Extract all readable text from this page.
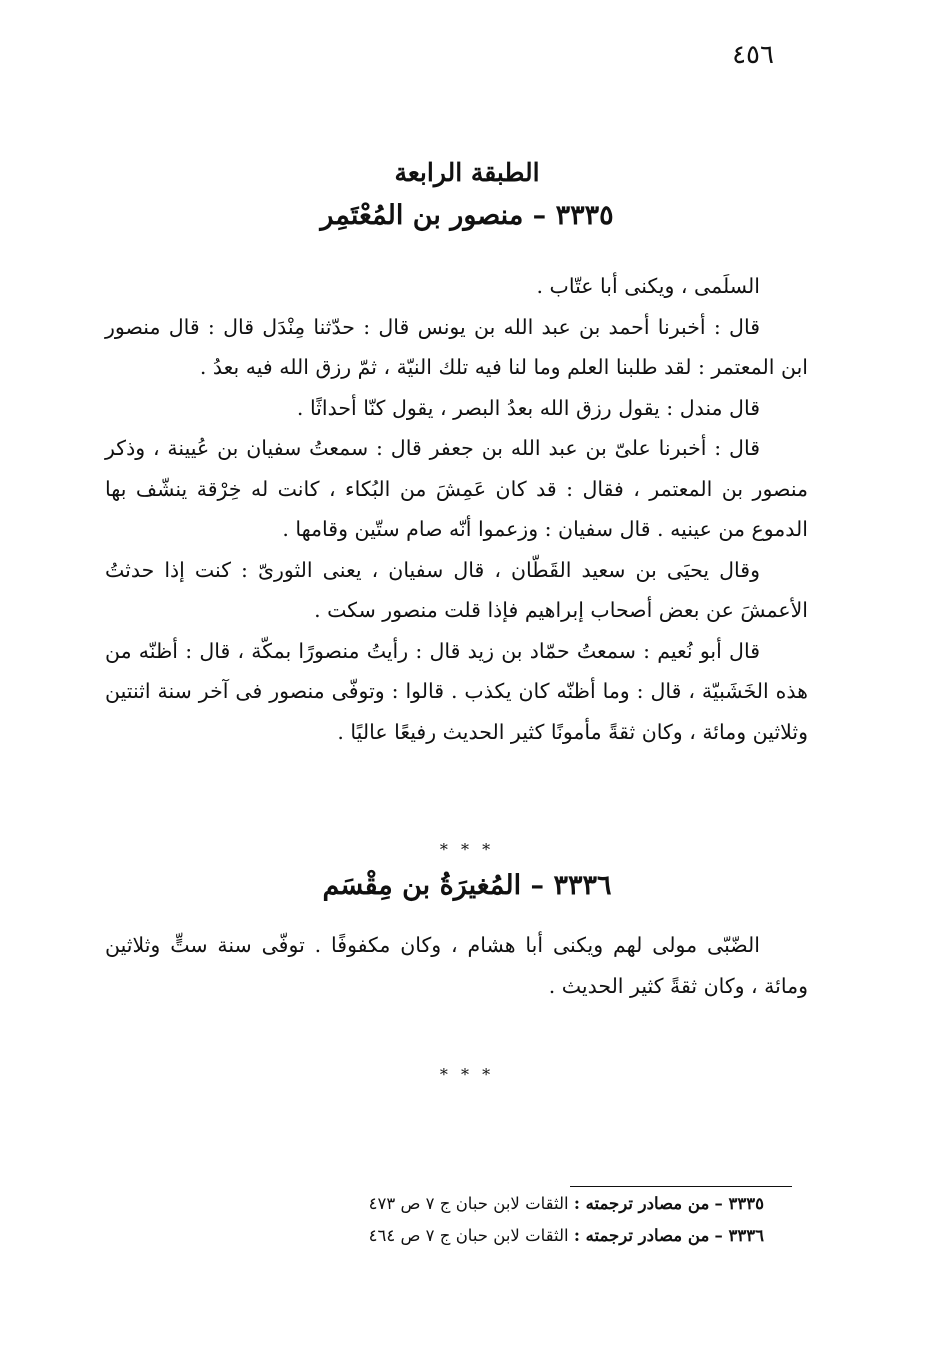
٤٥٦
الطبقة الرابعة
٣٣٣٥ – منصور بن المُعْتَمِر

السلَمى ، ويكنى أبا عتّاب .

قال : أخبرنا أحمد بن عبد الله بن يونس قال : حدّثنا مِنْدَل قال : قال منصور ابن المعتمر : لقد طلبنا العلم وما لنا فيه تلك النيّة ، ثمّ رزق الله فيه بعدُ .

قال مندل : يقول رزق الله بعدُ البصر ، يقول كنّا أحداثًا .

قال : أخبرنا علىّ بن عبد الله بن جعفر قال : سمعتُ سفيان بن عُيينة ، وذكر منصور بن المعتمر ، فقال : قد كان عَمِشَ من البُكاء ، كانت له خِرْقة ينشّف بها الدموع من عينيه . قال سفيان : وزعموا أنّه صام ستّين وقامها .

وقال يحيَى بن سعيد القَطّان ، قال سفيان ، يعنى الثورىّ : كنت إذا حدثتُ الأعمشَ عن بعض أصحاب إبراهيم فإذا قلت منصور سكت .

قال أبو نُعيم : سمعتُ حمّاد بن زيد قال : رأيتُ منصورًا بمكّة ، قال : أظنّه من هذه الخَشَبيّة ، قال : وما أظنّه كان يكذب . قالوا : وتوفّى منصور فى آخر سنة اثنتين وثلاثين ومائة ، وكان ثقةً مأمونًا كثير الحديث رفيعًا عاليًا .

* * *
٣٣٣٦ – المُغيرَةُ بن مِقْسَم

الضّبّى مولى لهم ويكنى أبا هشام ، وكان مكفوفًا . توفّى سنة ستٍّ وثلاثين ومائة ، وكان ثقةً كثير الحديث .

* * *
٣٣٣٥ – من مصادر ترجمته : الثقات لابن حبان ج ٧ ص ٤٧٣
٣٣٣٦ – من مصادر ترجمته : الثقات لابن حبان ج ٧ ص ٤٦٤
